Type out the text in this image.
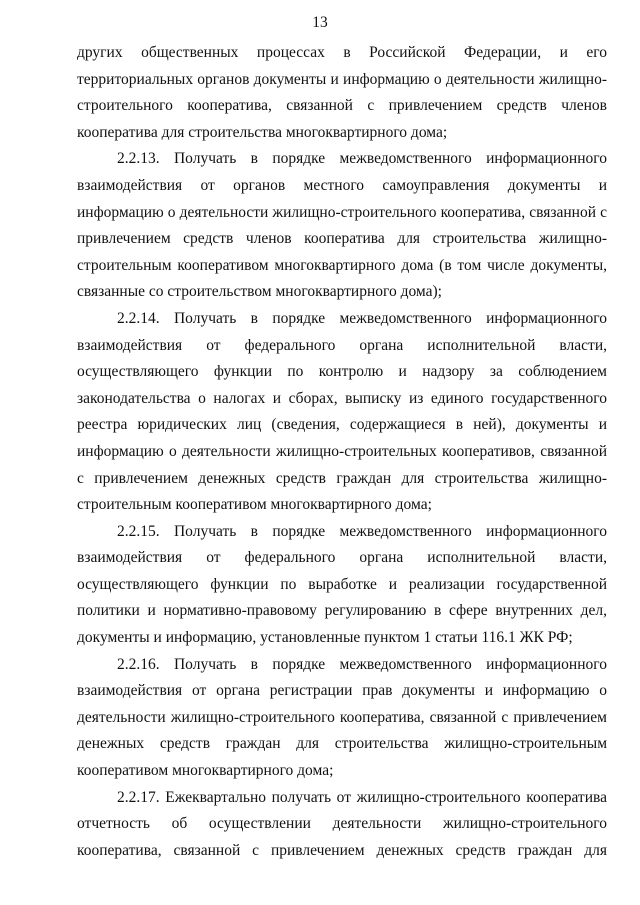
13
других общественных процессах в Российской Федерации, и его
территориальных органов документы и информацию о деятельности жилищно-
строительного кооператива, связанной с привлечением средств членов
кооператива для строительства многоквартирного дома;
2.2.13. Получать в порядке межведомственного информационного
взаимодействия от органов местного самоуправления документы и
информацию о деятельности жилищно-строительного кооператива, связанной с
привлечением средств членов кооператива для строительства жилищно-
строительным кооперативом многоквартирного дома (в том числе документы,
связанные со строительством многоквартирного дома);
2.2.14. Получать в порядке межведомственного информационного
взаимодействия от федерального органа исполнительной власти,
осуществляющего функции по контролю и надзору за соблюдением
законодательства о налогах и сборах, выписку из единого государственного
реестра юридических лиц (сведения, содержащиеся в ней), документы и
информацию о деятельности жилищно-строительных кооперативов, связанной
с привлечением денежных средств граждан для строительства жилищно-
строительным кооперативом многоквартирного дома;
2.2.15. Получать в порядке межведомственного информационного
взаимодействия от федерального органа исполнительной власти,
осуществляющего функции по выработке и реализации государственной
политики и нормативно-правовому регулированию в сфере внутренних дел,
документы и информацию, установленные пунктом 1 статьи 116.1 ЖК РФ;
2.2.16. Получать в порядке межведомственного информационного
взаимодействия от органа регистрации прав документы и информацию о
деятельности жилищно-строительного кооператива, связанной с привлечением
денежных средств граждан для строительства жилищно-строительным
кооперативом многоквартирного дома;
2.2.17. Ежеквартально получать от жилищно-строительного кооператива
отчетность об осуществлении деятельности жилищно-строительного
кооператива, связанной с привлечением денежных средств граждан для
